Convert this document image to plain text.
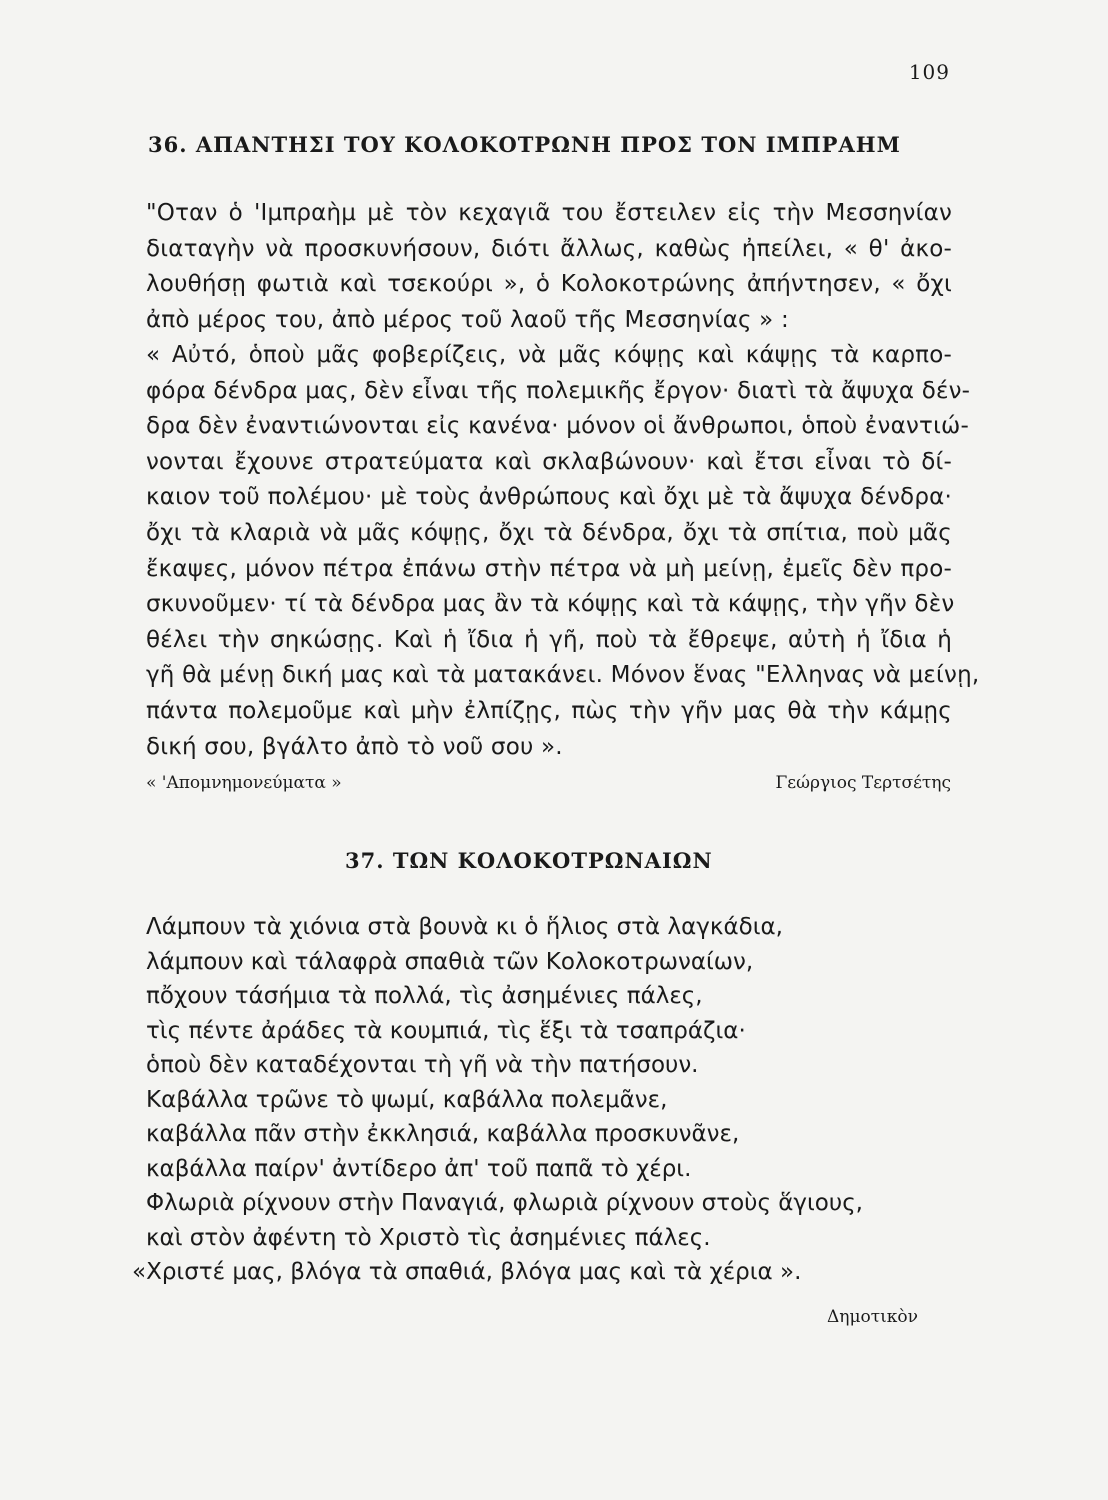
109
36. ΑΠΑΝΤΗΣΙ ΤΟΥ ΚΟΛΟΚΟΤΡΩΝΗ ΠΡΟΣ ΤΟΝ ΙΜΠΡΑΗΜ
"Οταν ὁ 'Ιμπραὴμ μὲ τὸν κεχαγιᾶ του ἔστειλεν εἰς τὴν Μεσσηνίαν
διαταγὴν νὰ προσκυνήσουν, διότι ἄλλως, καθὼς ἠπείλει, « θ' ἀκο-
λουθήσῃ φωτιὰ καὶ τσεκούρι », ὁ Κολοκοτρώνης ἀπήντησεν, « ὄχι
ἀπὸ μέρος του, ἀπὸ μέρος τοῦ λαοῦ τῆς Μεσσηνίας » :
« Αὐτό, ὁποὺ μᾶς φοβερίζεις, νὰ μᾶς κόψῃς καὶ κάψῃς τὰ καρπο-
φόρα δένδρα μας, δὲν εἶναι τῆς πολεμικῆς ἔργον· διατὶ τὰ ἄψυχα δέν-
δρα δὲν ἐναντιώνονται εἰς κανένα· μόνον οἱ ἄνθρωποι, ὁποὺ ἐναντιώ-
νονται ἔχουνε στρατεύματα καὶ σκλαβώνουν· καὶ ἔτσι εἶναι τὸ δί-
καιον τοῦ πολέμου· μὲ τοὺς ἀνθρώπους καὶ ὄχι μὲ τὰ ἄψυχα δένδρα·
ὄχι τὰ κλαριὰ νὰ μᾶς κόψῃς, ὄχι τὰ δένδρα, ὄχι τὰ σπίτια, ποὺ μᾶς
ἔκαψες, μόνον πέτρα ἐπάνω στὴν πέτρα νὰ μὴ μείνῃ, ἐμεῖς δὲν προ-
σκυνοῦμεν· τί τὰ δένδρα μας ἂν τὰ κόψῃς καὶ τὰ κάψῃς, τὴν γῆν δὲν
θέλει τὴν σηκώσῃς. Καὶ ἡ ἴδια ἡ γῆ, ποὺ τὰ ἔθρεψε, αὐτὴ ἡ ἴδια ἡ
γῆ θὰ μένῃ δική μας καὶ τὰ ματακάνει. Μόνον ἕνας "Ελληνας νὰ μείνῃ,
πάντα πολεμοῦμε καὶ μὴν ἐλπίζῃς, πὼς τὴν γῆν μας θὰ τὴν κάμῃς
δική σου, βγάλτο ἀπὸ τὸ νοῦ σου ».
« 'Απομνημονεύματα »	Γεώργιος Τερτσέτης
37. ΤΩΝ ΚΟΛΟΚΟΤΡΩΝΑΙΩΝ
Λάμπουν τὰ χιόνια στὰ βουνὰ κι ὁ ἥλιος στὰ λαγκάδια,
λάμπουν καὶ τάλαφρὰ σπαθιὰ τῶν Κολοκοτρωναίων,
πὄχουν τάσήμια τὰ πολλά, τὶς ἀσημένιες πάλες,
τὶς πέντε ἀράδες τὰ κουμπιά, τὶς ἕξι τὰ τσαπράζια·
ὁποὺ δὲν καταδέχονται τὴ γῆ νὰ τὴν πατήσουν.
Καβάλλα τρῶνε τὸ ψωμί, καβάλλα πολεμᾶνε,
καβάλλα πᾶν στὴν ἐκκλησιά, καβάλλα προσκυνᾶνε,
καβάλλα παίρν' ἀντίδερο ἀπ' τοῦ παπᾶ τὸ χέρι.
Φλωριὰ ρίχνουν στὴν Παναγιά, φλωριὰ ρίχνουν στοὺς ἅγιους,
καὶ στὸν ἀφέντη τὸ Χριστὸ τὶς ἀσημένιες πάλες.
«Χριστέ μας, βλόγα τὰ σπαθιά, βλόγα μας καὶ τὰ χέρια ».
Δημοτικὸν
